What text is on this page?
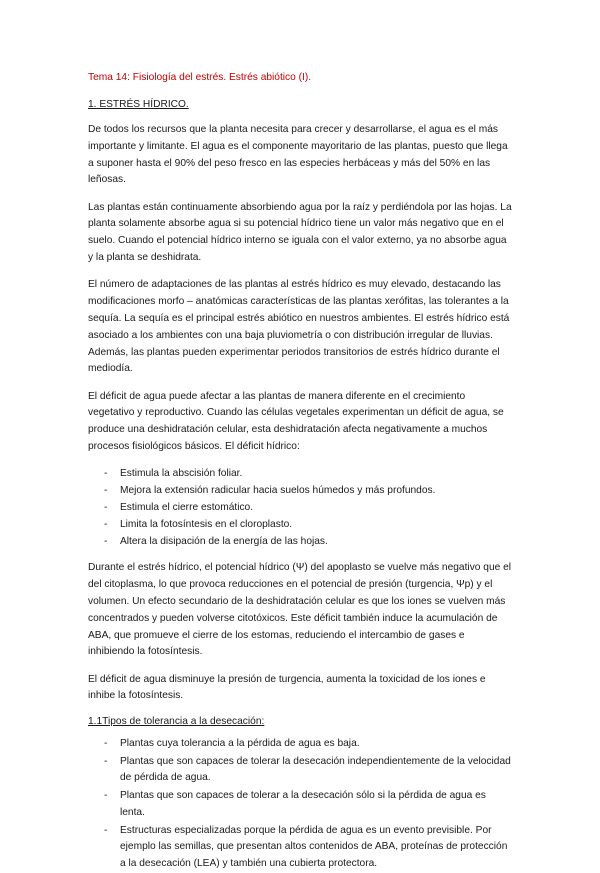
Tema 14: Fisiología del estrés. Estrés abiótico (I).
1. ESTRÉS HÍDRICO.

De todos los recursos que la planta necesita para crecer y desarrollarse, el agua es el más importante y limitante. El agua es el componente mayoritario de las plantas, puesto que llega a suponer hasta el 90% del peso fresco en las especies herbáceas y más del 50% en las leñosas.

Las plantas están continuamente absorbiendo agua por la raíz y perdiéndola por las hojas. La planta solamente absorbe agua si su potencial hídrico tiene un valor más negativo que en el suelo. Cuando el potencial hídrico interno se iguala con el valor externo, ya no absorbe agua y la planta se deshidrata.

El número de adaptaciones de las plantas al estrés hídrico es muy elevado, destacando las modificaciones morfo – anatómicas características de las plantas xerófitas, las tolerantes a la sequía. La sequía es el principal estrés abiótico en nuestros ambientes. El estrés hídrico está asociado a los ambientes con una baja pluviometría o con distribución irregular de lluvias. Además, las plantas pueden experimentar periodos transitorios de estrés hídrico durante el mediodía.

El déficit de agua puede afectar a las plantas de manera diferente en el crecimiento vegetativo y reproductivo. Cuando las células vegetales experimentan un déficit de agua, se produce una deshidratación celular, esta deshidratación afecta negativamente a muchos procesos fisiológicos básicos. El déficit hídrico:

- Estimula la abscisión foliar.
- Mejora la extensión radicular hacia suelos húmedos y más profundos.
- Estimula el cierre estomático.
- Limita la fotosíntesis en el cloroplasto.
- Altera la disipación de la energía de las hojas.

Durante el estrés hídrico, el potencial hídrico (Ψ) del apoplasto se vuelve más negativo que el del citoplasma, lo que provoca reducciones en el potencial de presión (turgencia, Ψp) y el volumen. Un efecto secundario de la deshidratación celular es que los iones se vuelven más concentrados y pueden volverse citotóxicos. Este déficit también induce la acumulación de ABA, que promueve el cierre de los estomas, reduciendo el intercambio de gases e inhibiendo la fotosíntesis.

El déficit de agua disminuye la presión de turgencia, aumenta la toxicidad de los iones e inhibe la fotosíntesis.

1.1Tipos de tolerancia a la desecación:
- Plantas cuya tolerancia a la pérdida de agua es baja.
- Plantas que son capaces de tolerar la desecación independientemente de la velocidad de pérdida de agua.
- Plantas que son capaces de tolerar a la desecación sólo si la pérdida de agua es lenta.
- Estructuras especializadas porque la pérdida de agua es un evento previsible. Por ejemplo las semillas, que presentan altos contenidos de ABA, proteínas de protección a la desecación (LEA) y también una cubierta protectora.
